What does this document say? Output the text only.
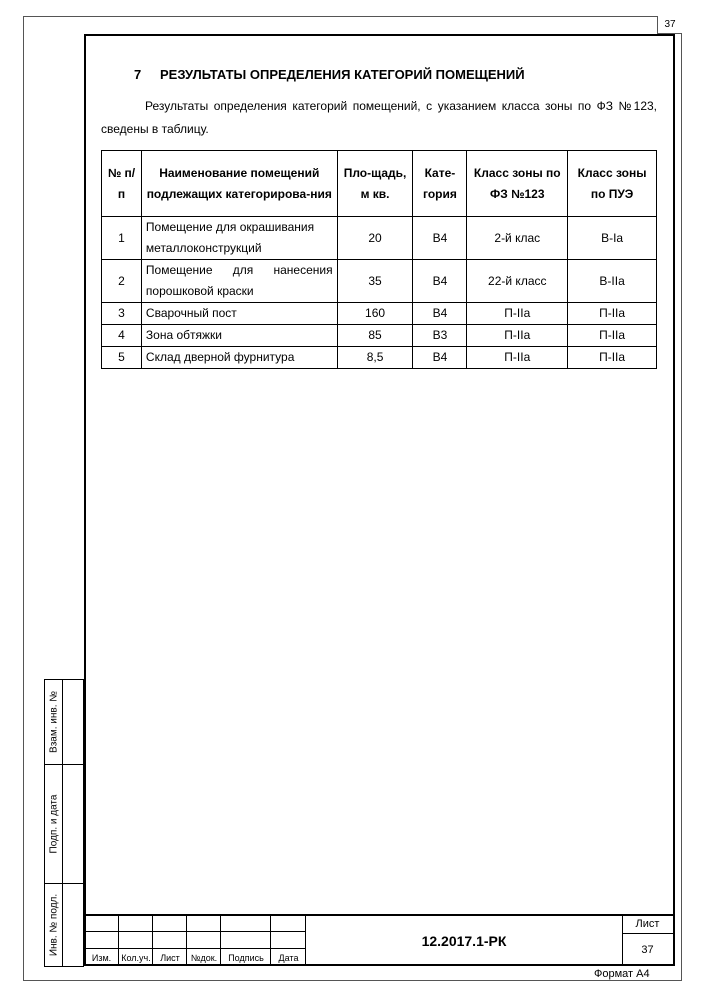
37
7 РЕЗУЛЬТАТЫ ОПРЕДЕЛЕНИЯ КАТЕГОРИЙ ПОМЕЩЕНИЙ
Результаты определения категорий помещений, с указанием класса зоны по ФЗ №123, сведены в таблицу.
№ п/п	Наименование помещений подлежащих категорирова-ния	Пло-щадь, м кв.	Кате-гория	Класс зоны по ФЗ №123	Класс зоны по ПУЭ
1	Помещение для окрашивания металлоконструкций	20	В4	2-й клас	В-Iа
2	Помещение для нанесения порошковой краски	35	В4	22-й класс	В-IIа
3	Сварочный пост	160	В4	П-IIа	П-IIа
4	Зона обтяжки	85	В3	П-IIа	П-IIа
5	Склад дверной фурнитура	8,5	В4	П-IIа	П-IIа
Взам. инв. №
Подп. и дата
Инв. № подл.
Изм.	Кол.уч.	Лист	№док.	Подпись	Дата
12.2017.1-РК
Лист
37
Формат А4
